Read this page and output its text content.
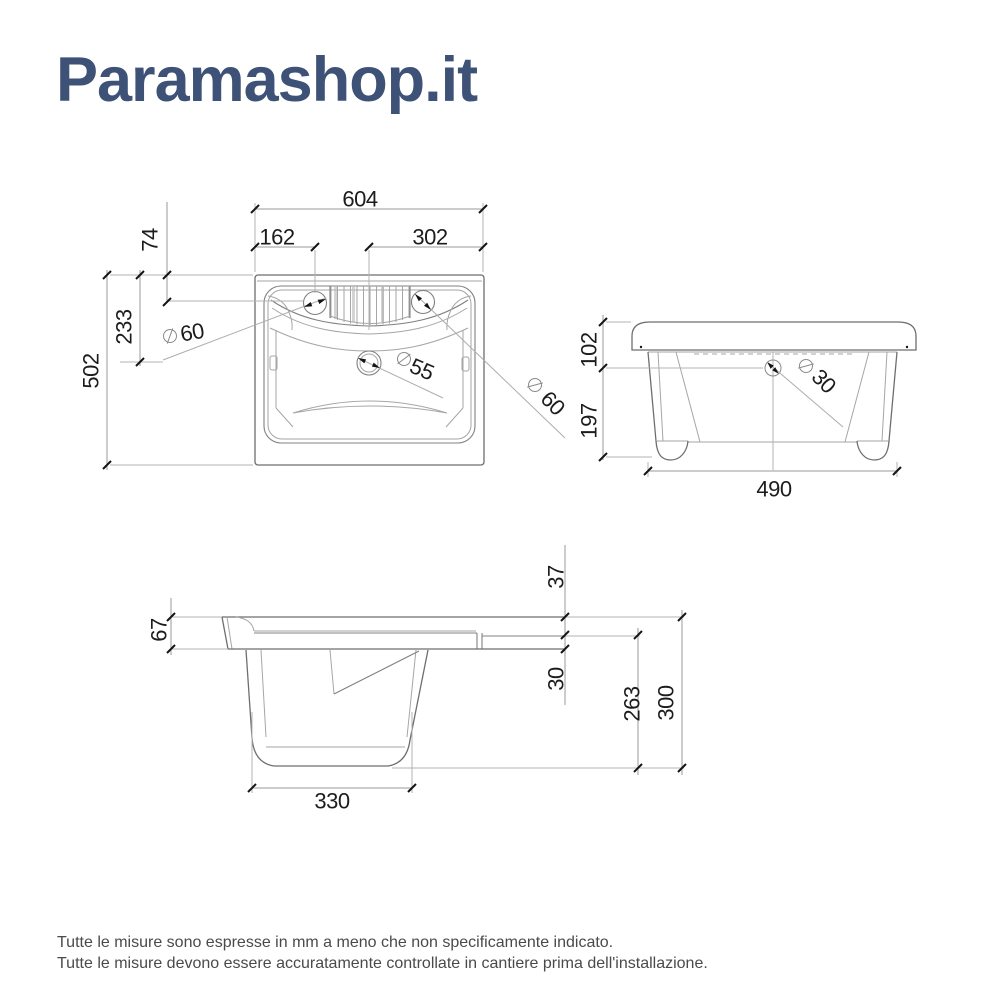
Paramashop.it
604
162	302
74
233
502
60
55
60
102
197
490
30
37
67
30
263 300
330
Tutte le misure sono espresse in mm a meno che non specificamente indicato.
Tutte le misure devono essere accuratamente controllate in cantiere prima dell'installazione.
